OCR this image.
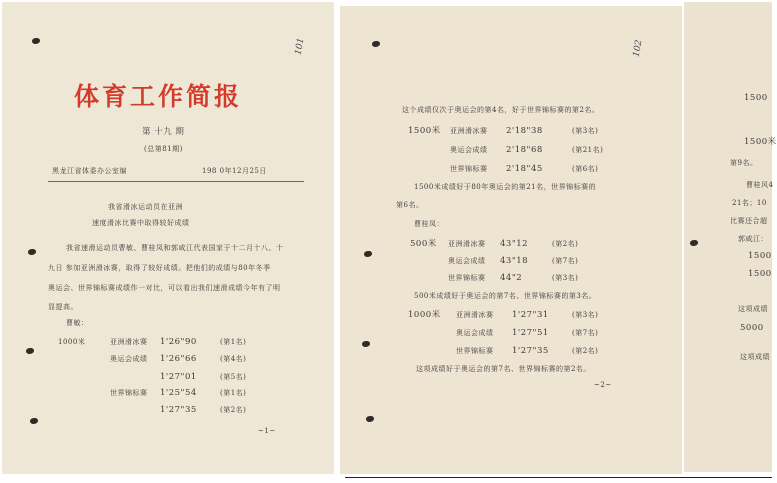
101
体育工作简报
第 十九 期
(总第81期)
黑龙江省体委办公室编	198 0年12月25日
我省滑冰运动员在亚洲
速度滑冰比赛中取得较好成绩
我省速滑运动员曹敏、曹桂凤和郭咸江代表国家于十二月十八、十
九日 参加亚洲滑冰赛，取得了较好成绩。把他们的成绩与80年冬季
奥运会、世界锦标赛成绩作一对比，可以看出我们速滑成绩今年有了明
显提高。
曹敏：
1000米	亚洲滑冰赛 1'26"90	(第1名)
奥运会成绩 1'26"66	(第4名)
1'27"01	(第5名)
世界锦标赛 1'25"54	(第1名)
1'27"35	(第2名)
~1~
102
这个成绩仅次于奥运会的第4名，好于世界锦标赛的第2名。
1500米 亚洲滑冰赛 2'18"38	(第3名)
奥运会成绩 2'18"68	(第21名)
世界锦标赛 2'18"45	(第6名)
1500米成绩好于80年奥运会的第21名，世界锦标赛的
第6名。
曹桂凤：
500米 亚洲滑冰赛 43"12	(第2名)
奥运会成绩 43"18	(第7名)
世界锦标赛 44"2	(第3名)
500米成绩好于奥运会的第7名、世界锦标赛的第3名。
1000米 亚洲滑冰赛 1'27"31	(第3名)
奥运会成绩 1'27"51	(第7名)
世界锦标赛 1'27"35	(第2名)
这项成绩好于奥运会的第7名、世界锦标赛的第2名。
~2~
1500
1500米
第9名。
曹桂风4
21名；10
比赛还合超
郭咸江：
1500
1500
这项成绩
5000
这项成绩
